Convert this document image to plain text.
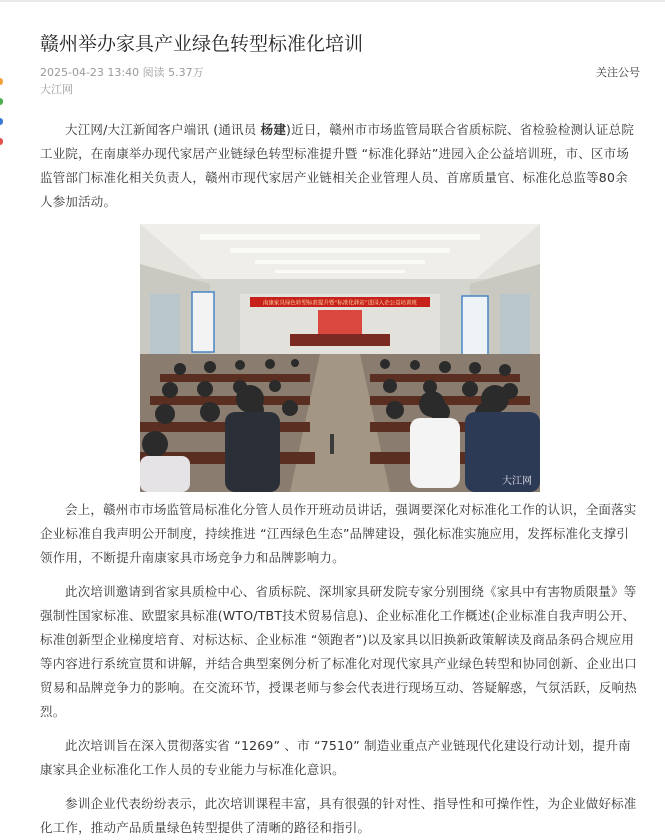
赣州举办家具产业绿色转型标准化培训
2025-04-23 13:40 阅读 5.37万	关注公号
大江网

大江网/大江新闻客户端讯 (通讯员 杨建)近日，赣州市市场监管局联合省质标院、省检验检测认证总院工业院，在南康举办现代家居产业链绿色转型标准提升暨 “标准化驿站”进园入企公益培训班，市、区市场监管部门标准化相关负责人，赣州市现代家居产业链相关企业管理人员、首席质量官、标准化总监等80余人参加活动。

南康家具绿色转型标准提升暨“标准化驿站”进园入企公益培训班
大江网

会上，赣州市市场监管局标准化分管人员作开班动员讲话，强调要深化对标准化工作的认识，全面落实企业标准自我声明公开制度，持续推进 “江西绿色生态”品牌建设，强化标准实施应用，发挥标准化支撑引领作用，不断提升南康家具市场竞争力和品牌影响力。

此次培训邀请到省家具质检中心、省质标院、深圳家具研发院专家分别围绕《家具中有害物质限量》等强制性国家标准、欧盟家具标准(WTO/TBT技术贸易信息)、企业标准化工作概述(企业标准自我声明公开、标准创新型企业梯度培育、对标达标、企业标准 “领跑者”)以及家具以旧换新政策解读及商品条码合规应用等内容进行系统宣贯和讲解，并结合典型案例分析了标准化对现代家具产业绿色转型和协同创新、企业出口贸易和品牌竞争力的影响。在交流环节，授课老师与参会代表进行现场互动、答疑解惑，气氛活跃，反响热烈。

此次培训旨在深入贯彻落实省 “1269” 、市 “7510” 制造业重点产业链现代化建设行动计划，提升南康家具企业标准化工作人员的专业能力与标准化意识。

参训企业代表纷纷表示，此次培训课程丰富，具有很强的针对性、指导性和可操作性，为企业做好标准化工作，推动产品质量绿色转型提供了清晰的路径和指引。
